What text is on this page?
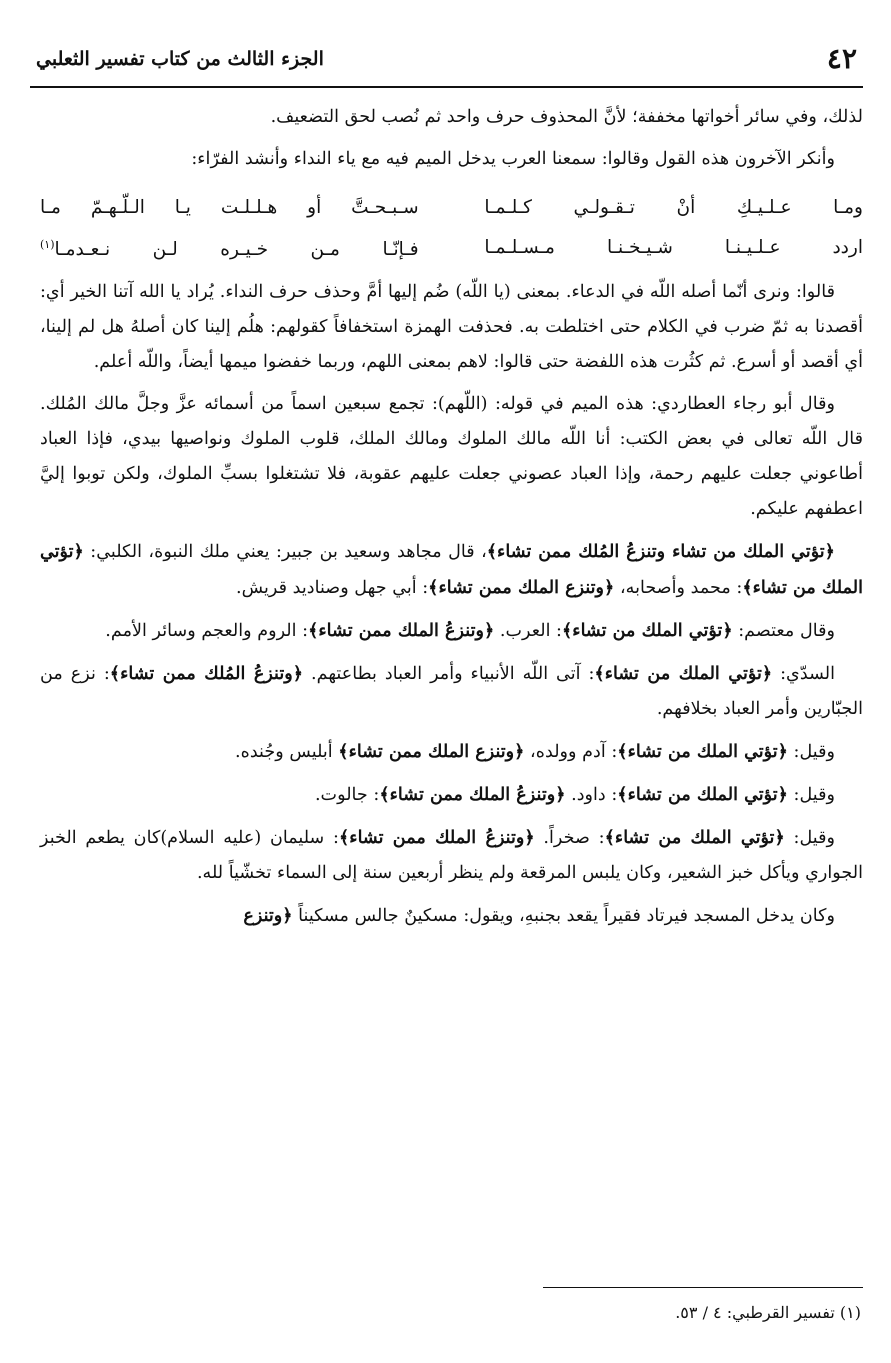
٤٢
الجزء الثالث من كتاب تفسير الثعلبي

لذلك، وفي سائر أخواتها مخففة؛ لأنَّ المحذوف حرف واحد ثم نُصب لحق التضعيف.

وأنكر الآخرون هذه القول وقالوا: سمعنا العرب يدخل الميم فيه مع ياء النداء وأنشد الفرّاء:

ومـا عـلـيـكِ أنْ تـقـولـي كـلـمـا
سـبـحـتَّ أو هـلـلـت يـا الـلّـهـمّ مـا
اردد عـلـيـنـا شـيـخـنـا مـسـلـمـا
فـإنّـا مـن خـيـره لـن نـعـدمـا$^{(١)}$

قالوا: ونرى أنّما أصله اللّه في الدعاء. بمعنى (يا اللّه) ضُم إليها أمَّ وحذف حرف النداء. يُراد يا الله آتنا الخير أي: أقصدنا به ثمّ ضرب في الكلام حتى اختلطت به. فحذفت الهمزة استخفافاً كقولهم: هلُم إلينا كان أصلهُ هل لم إلينا، أي أقصد أو أسرع. ثم كثُرت هذه اللفضة حتى قالوا: لاهم بمعنى اللهم، وربما خفضوا ميمها أيضاً، واللّه أعلم.

وقال أبو رجاء العطاردي: هذه الميم في قوله: (اللّهم): تجمع سبعين اسماً من أسمائه عزَّ وجلَّ مالك المُلك. قال اللّه تعالى في بعض الكتب: أنا اللّه مالك الملوك ومالك الملك، قلوب الملوك ونواصيها بيدي، فإذا العباد أطاعوني جعلت عليهم رحمة، وإذا العباد عصوني جعلت عليهم عقوبة، فلا تشتغلوا بسبِّ الملوك، ولكن توبوا إليَّ اعطفهم عليكم.

﴿تؤتي الملك من تشاء وتنزعُ المُلك ممن تشاء﴾، قال مجاهد وسعيد بن جبير: يعني ملك النبوة، الكلبي: ﴿تؤتي الملك من تشاء﴾: محمد وأصحابه، ﴿وتنزع الملك ممن تشاء﴾: أبي جهل وصناديد قريش.

وقال معتصم: ﴿تؤتي الملك من تشاء﴾: العرب. ﴿وتنزعُ الملك ممن تشاء﴾: الروم والعجم وسائر الأمم.

السدّي: ﴿تؤتي الملك من تشاء﴾: آتى اللّه الأنبياء وأمر العباد بطاعتهم. ﴿وتنزعُ المُلك ممن تشاء﴾: نزع من الجبّارين وأمر العباد بخلافهم.

وقيل: ﴿تؤتي الملك من تشاء﴾: آدم وولده، ﴿وتنزع الملك ممن تشاء﴾ أبليس وجُنده.

وقيل: ﴿تؤتي الملك من تشاء﴾: داود. ﴿وتنزعُ الملك ممن تشاء﴾: جالوت.

وقيل: ﴿تؤتي الملك من تشاء﴾: صخراً. ﴿وتنزعُ الملك ممن تشاء﴾: سليمان (عليه السلام)كان يطعم الخبز الجواري ويأكل خبز الشعير، وكان يلبس المرقعة ولم ينظر أربعين سنة إلى السماء تخشّياً لله.

وكان يدخل المسجد فيرتاد فقيراً يقعد بجنبهِ، ويقول: مسكينٌ جالس مسكيناً ﴿وتنزع

(١) تفسير القرطبي: ٤ / ٥٣.
